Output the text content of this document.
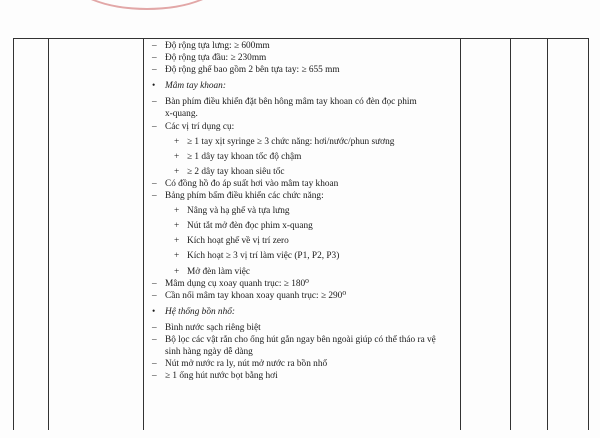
– Độ rộng tựa lưng: ≥ 600mm
– Độ rộng tựa đầu: ≥ 230mm
– Độ rộng ghế bao gồm 2 bên tựa tay: ≥ 655 mm
• Mâm tay khoan:
– Bàn phím điều khiển đặt bên hông mâm tay khoan có đèn đọc phim
x-quang.
– Các vị trí dụng cụ:
+ ≥ 1 tay xịt syringe ≥ 3 chức năng: hơi/nước/phun sương
+ ≥ 1 dây tay khoan tốc độ chậm
+ ≥ 2 dây tay khoan siêu tốc
– Có đồng hồ đo áp suất hơi vào mâm tay khoan
– Bảng phím bấm điều khiển các chức năng:
+ Nâng và hạ ghế và tựa lưng
+ Nút tắt mở đèn đọc phim x-quang
+ Kích hoạt ghế về vị trí zero
+ Kích hoạt ≥ 3 vị trí làm việc (P1, P2, P3)
+ Mở đèn làm việc
– Mâm dụng cụ xoay quanh trục: ≥ 180⁰
– Cần nối mâm tay khoan xoay quanh trục: ≥ 290⁰
• Hệ thống bồn nhổ:
– Bình nước sạch riêng biệt
– Bộ lọc các vật rắn cho ống hút gắn ngay bên ngoài giúp có thể tháo ra vệ
sinh hàng ngày dễ dàng
– Nút mở nước ra ly, nút mở nước ra bồn nhổ
– ≥ 1 ống hút nước bọt bằng hơi
